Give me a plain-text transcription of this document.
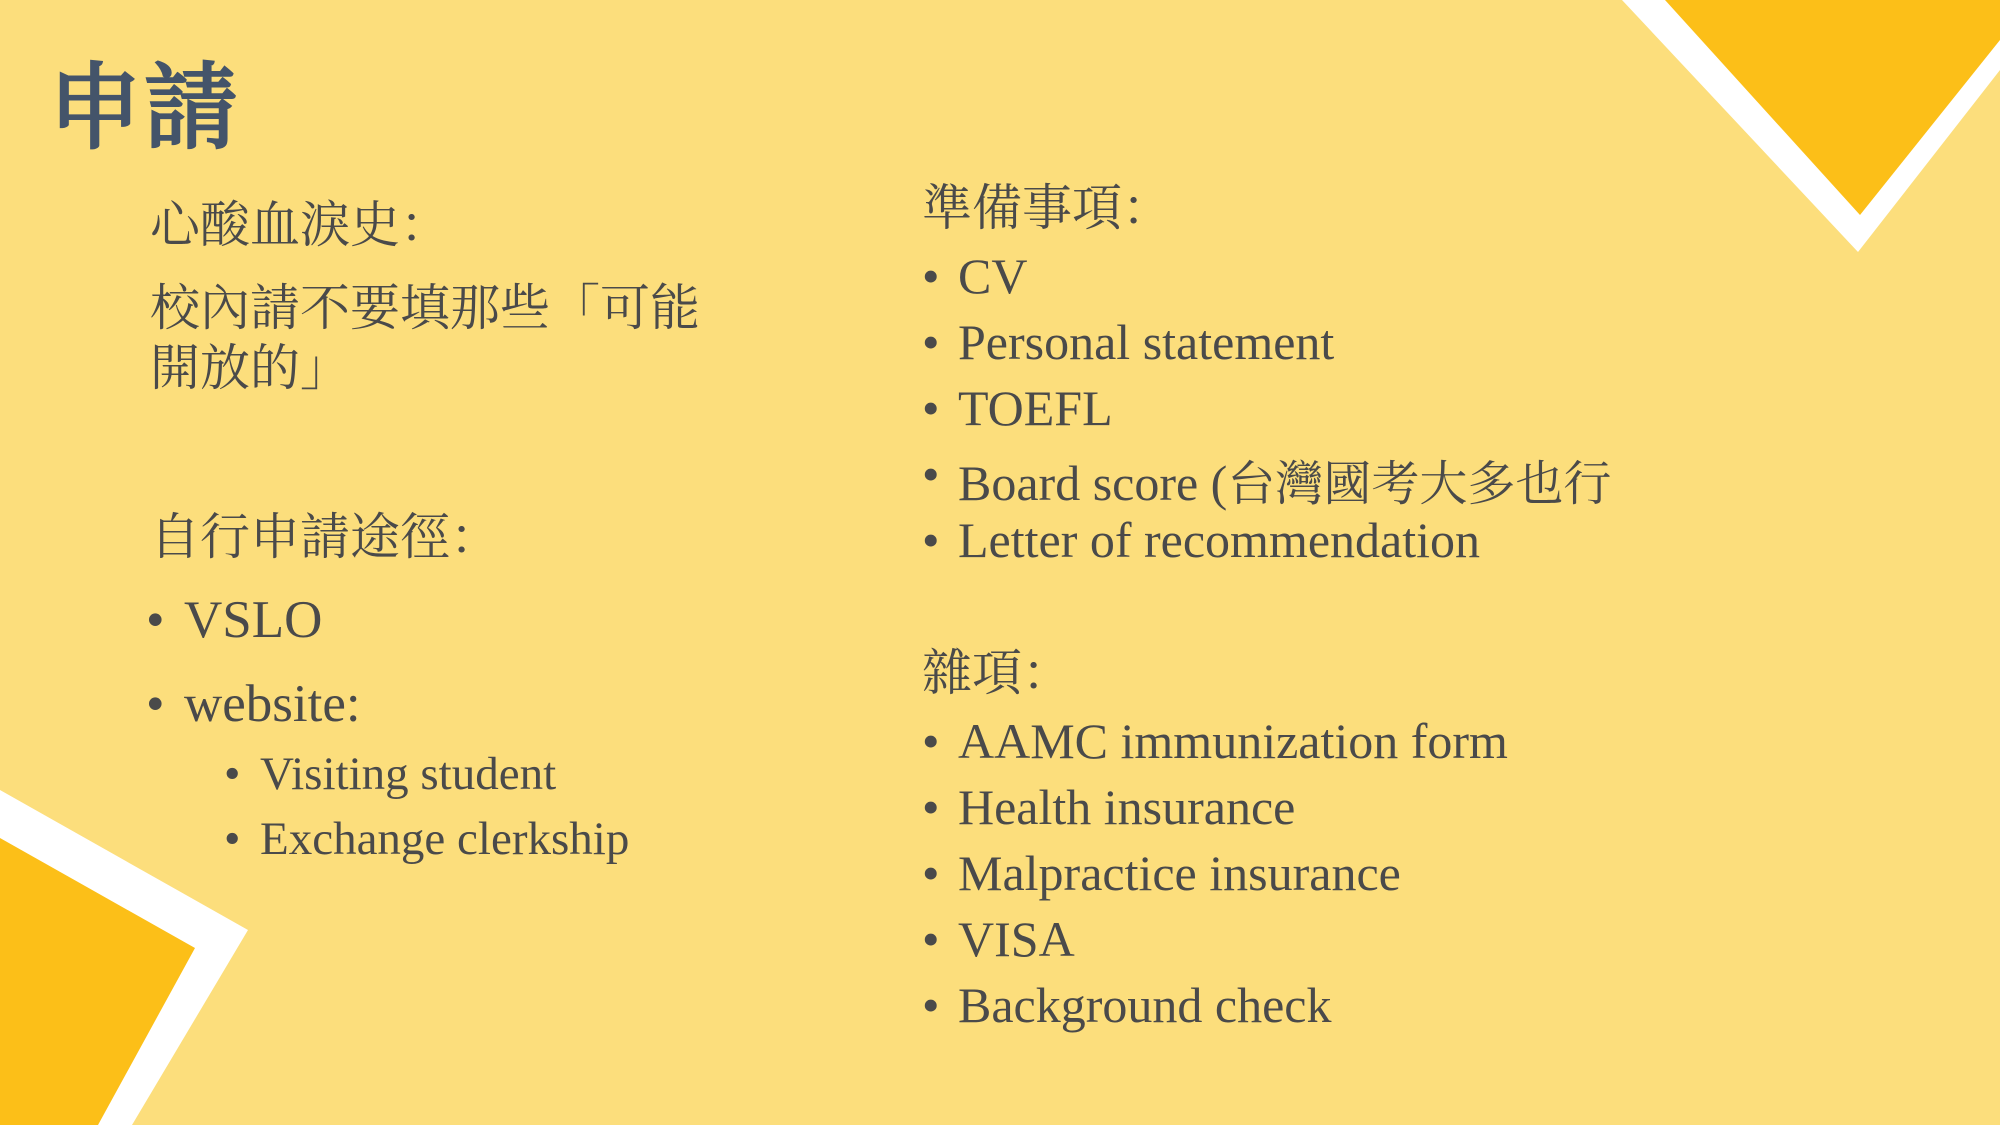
申請

心酸血淚史：

校內請不要填那些「可能

開放的」

自行申請途徑：

• VSLO
• website:
• Visiting student
• Exchange clerkship

準備事項：

• CV
• Personal statement
• TOEFL
• Board score (台灣國考大多也行
• Letter of recommendation

雜項：

• AAMC immunization form
• Health insurance
• Malpractice insurance
• VISA
• Background check
